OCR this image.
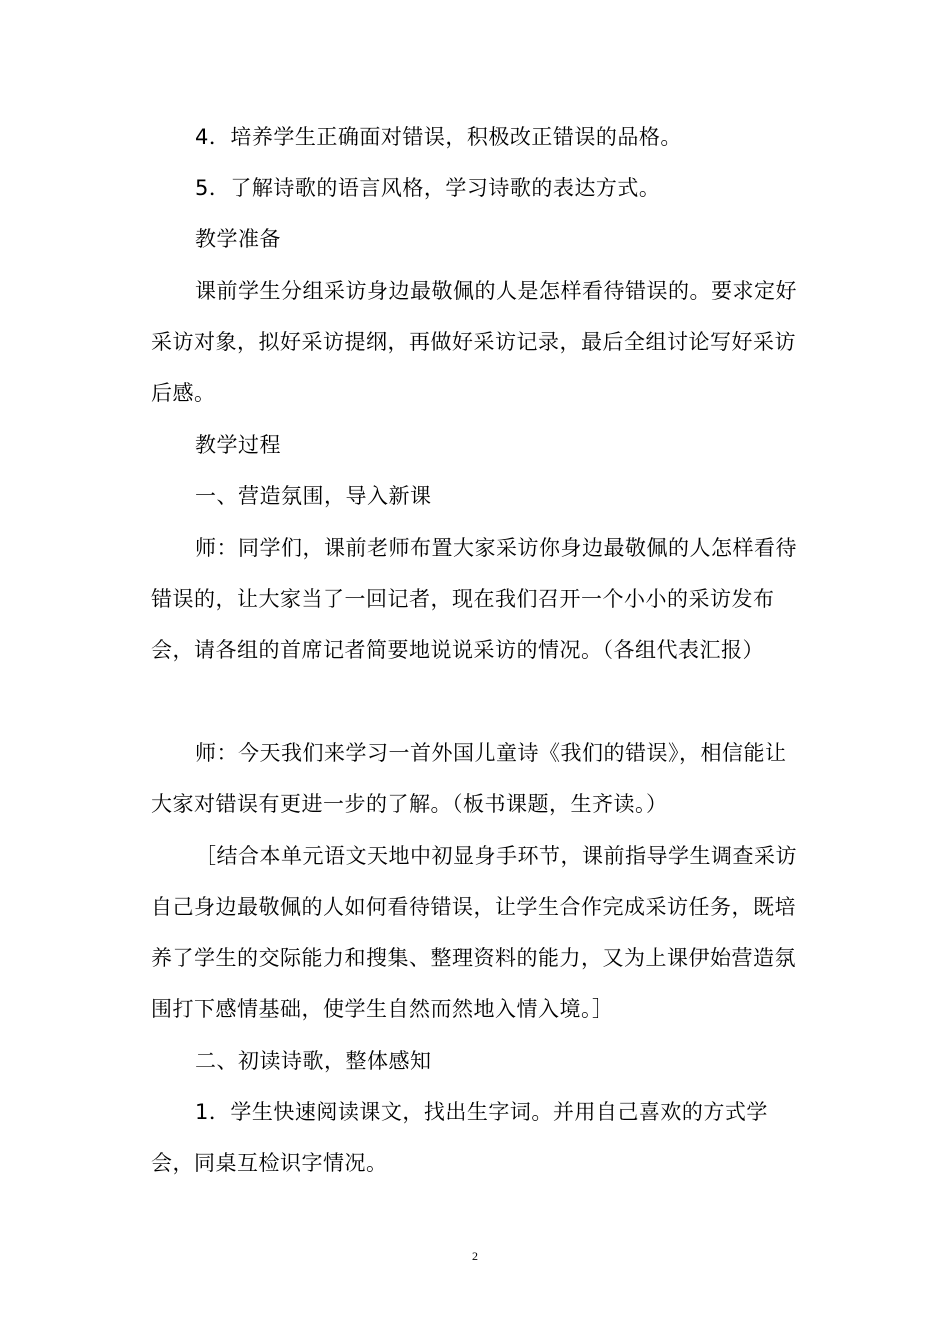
4．培养学生正确面对错误，积极改正错误的品格。

5．了解诗歌的语言风格，学习诗歌的表达方式。

教学准备

课前学生分组采访身边最敬佩的人是怎样看待错误的。要求定好采访对象，拟好采访提纲，再做好采访记录，最后全组讨论写好采访后感。

教学过程

一、营造氛围，导入新课

师：同学们，课前老师布置大家采访你身边最敬佩的人怎样看待错误的，让大家当了一回记者，现在我们召开一个小小的采访发布会，请各组的首席记者简要地说说采访的情况。（各组代表汇报）

师：今天我们来学习一首外国儿童诗《我们的错误》，相信能让大家对错误有更进一步的了解。（板书课题，生齐读。）

［结合本单元语文天地中初显身手环节，课前指导学生调查采访自己身边最敬佩的人如何看待错误，让学生合作完成采访任务，既培养了学生的交际能力和搜集、整理资料的能力，又为上课伊始营造氛围打下感情基础，使学生自然而然地入情入境。］

二、初读诗歌，整体感知

1．学生快速阅读课文，找出生字词。并用自己喜欢的方式学会，同桌互检识字情况。

2
